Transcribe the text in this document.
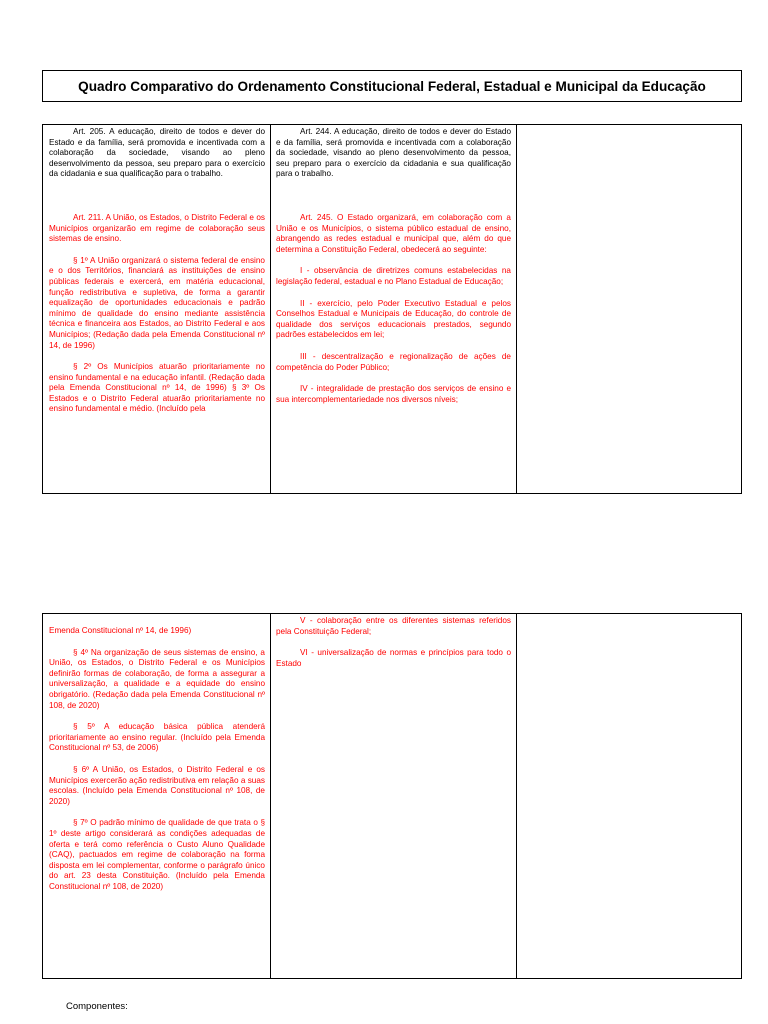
Quadro Comparativo do Ordenamento Constitucional Federal, Estadual e Municipal da Educação

Art. 205. A educação, direito de todos e dever do Estado e da família, será promovida e incentivada com a colaboração da sociedade, visando ao pleno desenvolvimento da pessoa, seu preparo para o exercício da cidadania e sua qualificação para o trabalho.

Art. 211. A União, os Estados, o Distrito Federal e os Municípios organizarão em regime de colaboração seus sistemas de ensino.

§ 1º A União organizará o sistema federal de ensino e o dos Territórios, financiará as instituições de ensino públicas federais e exercerá, em matéria educacional, função redistributiva e supletiva, de forma a garantir equalização de oportunidades educacionais e padrão mínimo de qualidade do ensino mediante assistência técnica e financeira aos Estados, ao Distrito Federal e aos Municípios; (Redação dada pela Emenda Constitucional nº 14, de 1996)

§ 2º Os Municípios atuarão prioritariamente no ensino fundamental e na educação infantil. (Redação dada pela Emenda Constitucional nº 14, de 1996) § 3º Os Estados e o Distrito Federal atuarão prioritariamente no ensino fundamental e médio. (Incluído pela

Art. 244. A educação, direito de todos e dever do Estado e da família, será promovida e incentivada com a colaboração da sociedade, visando ao pleno desenvolvimento da pessoa, seu preparo para o exercício da cidadania e sua qualificação para o trabalho.

Art. 245. O Estado organizará, em colaboração com a União e os Municípios, o sistema público estadual de ensino, abrangendo as redes estadual e municipal que, além do que determina a Constituição Federal, obedecerá ao seguinte:

I - observância de diretrizes comuns estabelecidas na legislação federal, estadual e no Plano Estadual de Educação;

II - exercício, pelo Poder Executivo Estadual e pelos Conselhos Estadual e Municipais de Educação, do controle de qualidade dos serviços educacionais prestados, segundo padrões estabelecidos em lei;

III - descentralização e regionalização de ações de competência do Poder Público;

IV - integralidade de prestação dos serviços de ensino e sua intercomplementariedade nos diversos níveis;

Emenda Constitucional nº 14, de 1996)

§ 4º Na organização de seus sistemas de ensino, a União, os Estados, o Distrito Federal e os Municípios definirão formas de colaboração, de forma a assegurar a universalização, a qualidade e a equidade do ensino obrigatório. (Redação dada pela Emenda Constitucional nº 108, de 2020)

§ 5º A educação básica pública atenderá prioritariamente ao ensino regular. (Incluído pela Emenda Constitucional nº 53, de 2006)

§ 6º A União, os Estados, o Distrito Federal e os Municípios exercerão ação redistributiva em relação a suas escolas. (Incluído pela Emenda Constitucional nº 108, de 2020)

§ 7º O padrão mínimo de qualidade de que trata o § 1º deste artigo considerará as condições adequadas de oferta e terá como referência o Custo Aluno Qualidade (CAQ), pactuados em regime de colaboração na forma disposta em lei complementar, conforme o parágrafo único do art. 23 desta Constituição. (Incluído pela Emenda Constitucional nº 108, de 2020)

V - colaboração entre os diferentes sistemas referidos pela Constituição Federal;

VI - universalização de normas e princípios para todo o Estado

Componentes:
